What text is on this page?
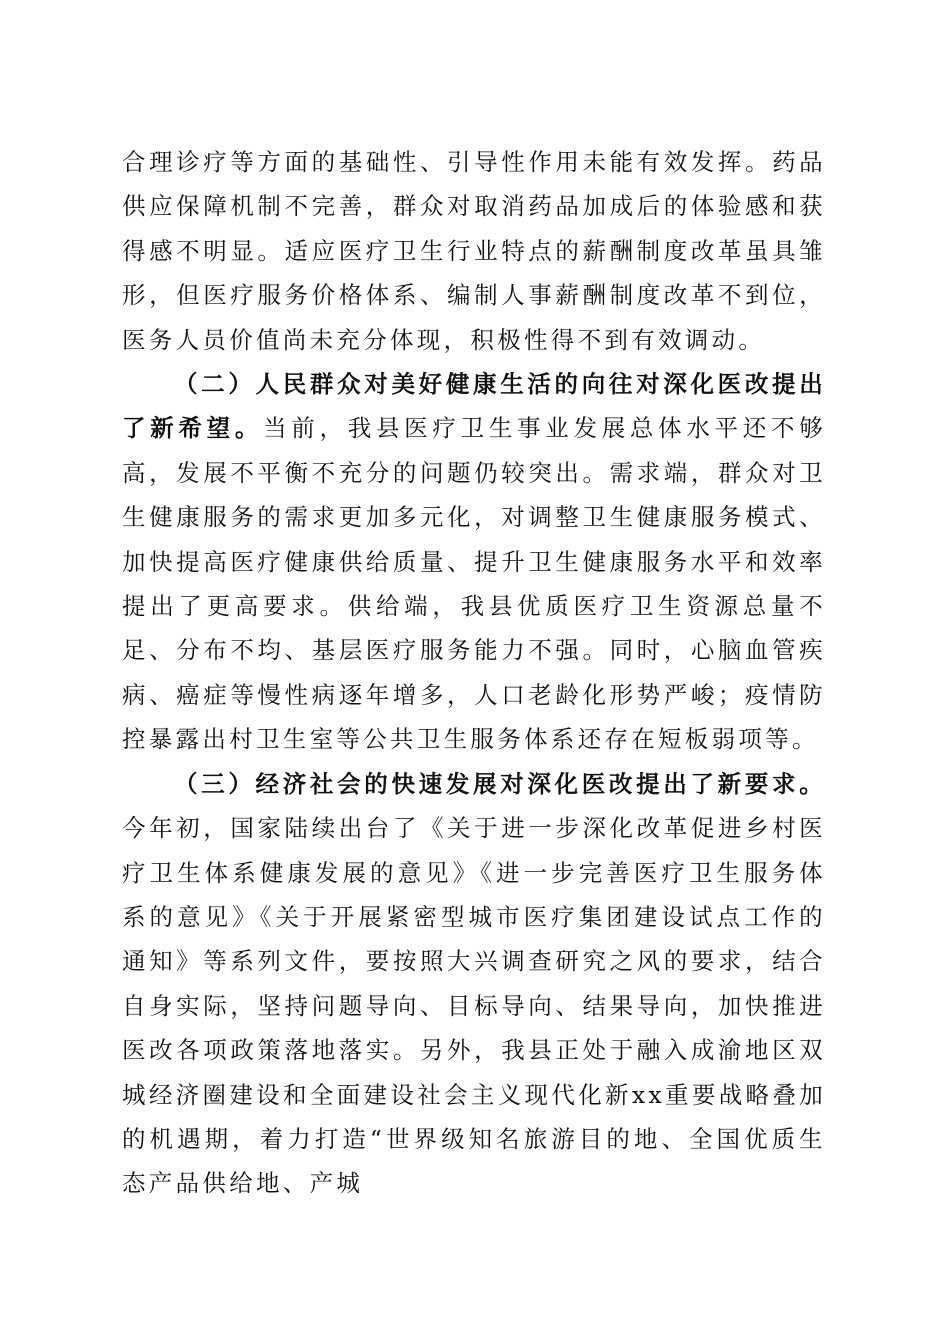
合理诊疗等方面的基础性、引导性作用未能有效发挥。药品供应保障机制不完善，群众对取消药品加成后的体验感和获得感不明显。适应医疗卫生行业特点的薪酬制度改革虽具雏形，但医疗服务价格体系、编制人事薪酬制度改革不到位，医务人员价值尚未充分体现，积极性得不到有效调动。

（二）人民群众对美好健康生活的向往对深化医改提出了新希望。当前，我县医疗卫生事业发展总体水平还不够高，发展不平衡不充分的问题仍较突出。需求端，群众对卫生健康服务的需求更加多元化，对调整卫生健康服务模式、加快提高医疗健康供给质量、提升卫生健康服务水平和效率提出了更高要求。供给端，我县优质医疗卫生资源总量不足、分布不均、基层医疗服务能力不强。同时，心脑血管疾病、癌症等慢性病逐年增多，人口老龄化形势严峻；疫情防控暴露出村卫生室等公共卫生服务体系还存在短板弱项等。

（三）经济社会的快速发展对深化医改提出了新要求。今年初，国家陆续出台了《关于进一步深化改革促进乡村医疗卫生体系健康发展的意见》《进一步完善医疗卫生服务体系的意见》《关于开展紧密型城市医疗集团建设试点工作的通知》等系列文件，要按照大兴调查研究之风的要求，结合自身实际，坚持问题导向、目标导向、结果导向，加快推进医改各项政策落地落实。另外，我县正处于融入成渝地区双城经济圈建设和全面建设社会主义现代化新xx重要战略叠加的机遇期，着力打造“世界级知名旅游目的地、全国优质生态产品供给地、产城
